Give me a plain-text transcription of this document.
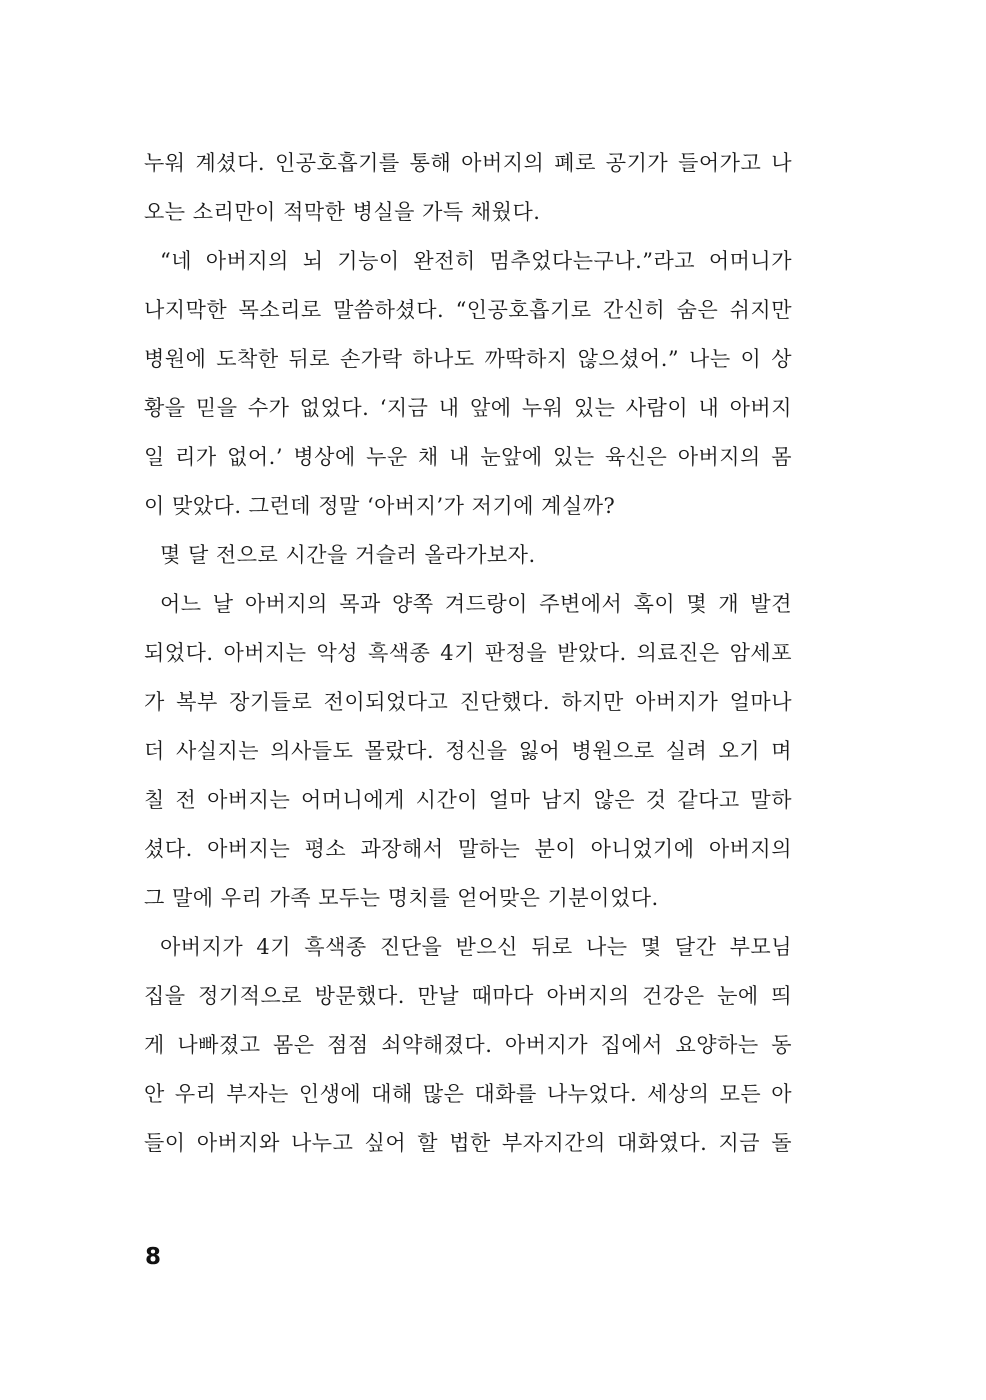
누워 계셨다. 인공호흡기를 통해 아버지의 폐로 공기가 들어가고 나
오는 소리만이 적막한 병실을 가득 채웠다.
“네 아버지의 뇌 기능이 완전히 멈추었다는구나.”라고 어머니가
나지막한 목소리로 말씀하셨다. “인공호흡기로 간신히 숨은 쉬지만
병원에 도착한 뒤로 손가락 하나도 까딱하지 않으셨어.” 나는 이 상
황을 믿을 수가 없었다. ‘지금 내 앞에 누워 있는 사람이 내 아버지
일 리가 없어.’ 병상에 누운 채 내 눈앞에 있는 육신은 아버지의 몸
이 맞았다. 그런데 정말 ‘아버지’가 저기에 계실까?
몇 달 전으로 시간을 거슬러 올라가보자.
어느 날 아버지의 목과 양쪽 겨드랑이 주변에서 혹이 몇 개 발견
되었다. 아버지는 악성 흑색종 4기 판정을 받았다. 의료진은 암세포
가 복부 장기들로 전이되었다고 진단했다. 하지만 아버지가 얼마나
더 사실지는 의사들도 몰랐다. 정신을 잃어 병원으로 실려 오기 며
칠 전 아버지는 어머니에게 시간이 얼마 남지 않은 것 같다고 말하
셨다. 아버지는 평소 과장해서 말하는 분이 아니었기에 아버지의
그 말에 우리 가족 모두는 명치를 얻어맞은 기분이었다.
아버지가 4기 흑색종 진단을 받으신 뒤로 나는 몇 달간 부모님
집을 정기적으로 방문했다. 만날 때마다 아버지의 건강은 눈에 띄
게 나빠졌고 몸은 점점 쇠약해졌다. 아버지가 집에서 요양하는 동
안 우리 부자는 인생에 대해 많은 대화를 나누었다. 세상의 모든 아
들이 아버지와 나누고 싶어 할 법한 부자지간의 대화였다. 지금 돌
8
